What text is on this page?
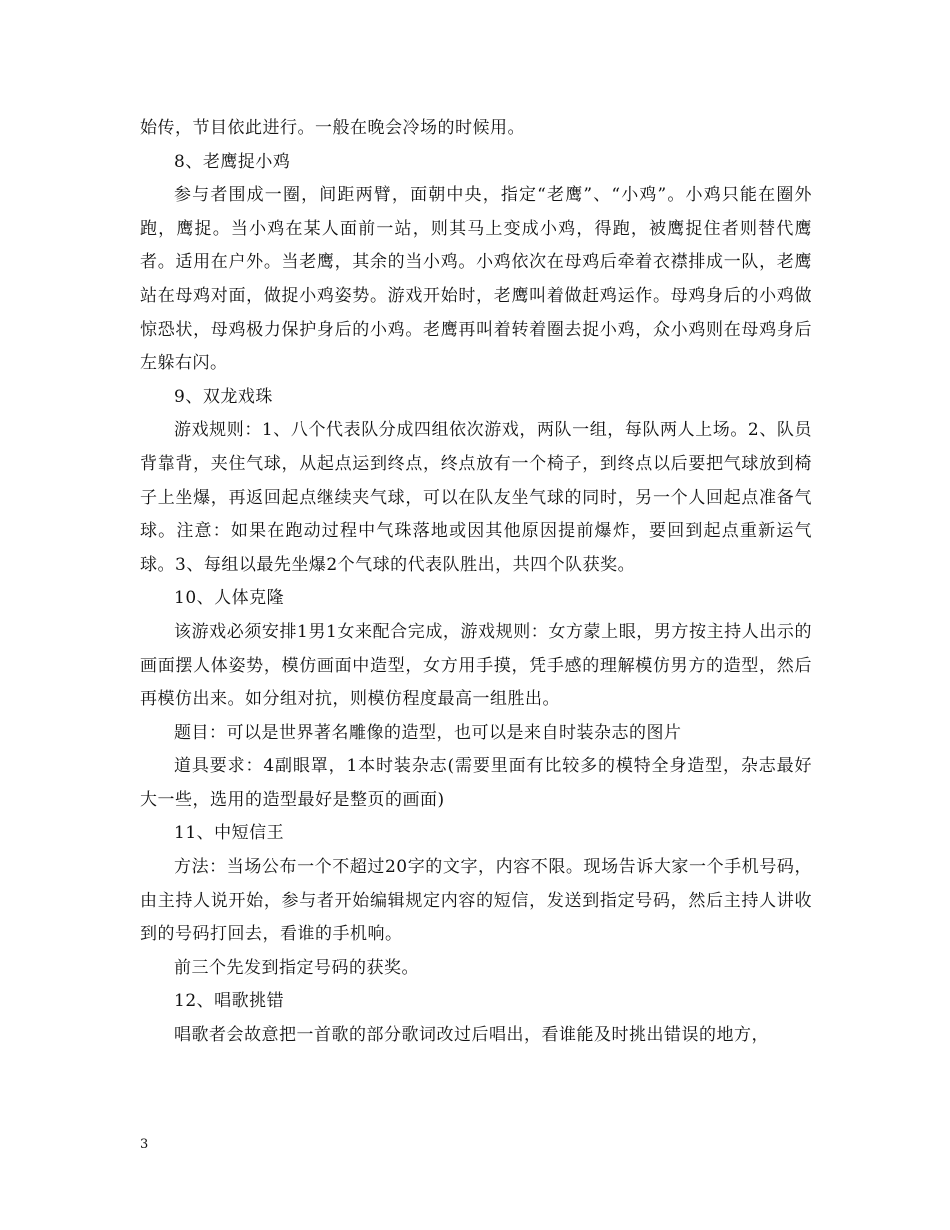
始传，节目依此进行。一般在晚会冷场的时候用。

8、老鹰捉小鸡

参与者围成一圈，间距两臂，面朝中央，指定“老鹰”、“小鸡”。小鸡只能在圈外跑，鹰捉。当小鸡在某人面前一站，则其马上变成小鸡，得跑，被鹰捉住者则替代鹰者。适用在户外。当老鹰，其余的当小鸡。小鸡依次在母鸡后牵着衣襟排成一队，老鹰站在母鸡对面，做捉小鸡姿势。游戏开始时，老鹰叫着做赶鸡运作。母鸡身后的小鸡做惊恐状，母鸡极力保护身后的小鸡。老鹰再叫着转着圈去捉小鸡，众小鸡则在母鸡身后左躲右闪。

9、双龙戏珠

游戏规则：1、八个代表队分成四组依次游戏，两队一组，每队两人上场。2、队员背靠背，夹住气球，从起点运到终点，终点放有一个椅子，到终点以后要把气球放到椅子上坐爆，再返回起点继续夹气球，可以在队友坐气球的同时，另一个人回起点准备气球。注意：如果在跑动过程中气珠落地或因其他原因提前爆炸，要回到起点重新运气球。3、每组以最先坐爆2个气球的代表队胜出，共四个队获奖。

10、人体克隆

该游戏必须安排1男1女来配合完成，游戏规则：女方蒙上眼，男方按主持人出示的画面摆人体姿势，模仿画面中造型，女方用手摸，凭手感的理解模仿男方的造型，然后再模仿出来。如分组对抗，则模仿程度最高一组胜出。

题目：可以是世界著名雕像的造型，也可以是来自时装杂志的图片

道具要求：4副眼罩，1本时装杂志(需要里面有比较多的模特全身造型，杂志最好大一些，选用的造型最好是整页的画面)

11、中短信王

方法：当场公布一个不超过20字的文字，内容不限。现场告诉大家一个手机号码，由主持人说开始，参与者开始编辑规定内容的短信，发送到指定号码，然后主持人讲收到的号码打回去，看谁的手机响。

前三个先发到指定号码的获奖。

12、唱歌挑错

唱歌者会故意把一首歌的部分歌词改过后唱出，看谁能及时挑出错误的地方，

3
